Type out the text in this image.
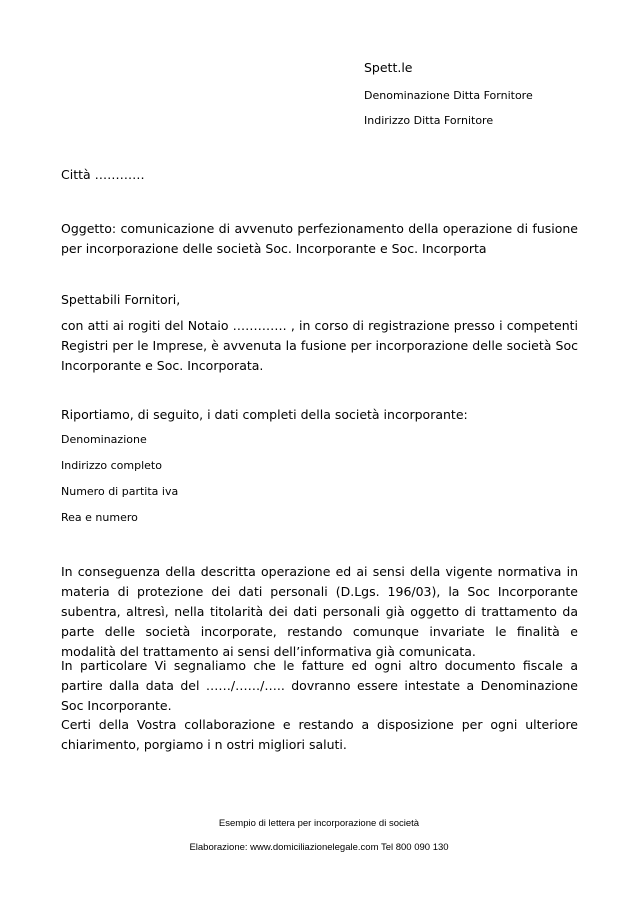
Spett.le

Denominazione Ditta Fornitore

Indirizzo Ditta Fornitore

Città …………

Oggetto: comunicazione di avvenuto perfezionamento della operazione di fusione per incorporazione delle società Soc. Incorporante e Soc. Incorporta

Spettabili Fornitori,

con atti ai rogiti del Notaio …………. , in corso di registrazione presso i competenti Registri per le Imprese, è avvenuta la fusione per incorporazione delle società Soc Incorporante e Soc. Incorporata.

Riportiamo, di seguito, i dati completi della società incorporante:

Denominazione

Indirizzo completo

Numero di partita iva

Rea e numero

In conseguenza della descritta operazione ed ai sensi della vigente normativa in materia di protezione dei dati personali (D.Lgs. 196/03), la Soc Incorporante subentra, altresì, nella titolarità dei dati personali già oggetto di trattamento da parte delle società incorporate, restando comunque invariate le finalità e modalità del trattamento ai sensi dell’informativa già comunicata.

In particolare Vi segnaliamo che le fatture ed ogni altro documento fiscale a partire dalla data del ……/……/….. dovranno essere intestate a Denominazione Soc Incorporante.

Certi della Vostra collaborazione e restando a disposizione per ogni ulteriore chiarimento, porgiamo i n ostri migliori saluti.

Esempio di lettera per incorporazione di società

Elaborazione: www.domiciliazionelegale.com Tel 800 090 130
